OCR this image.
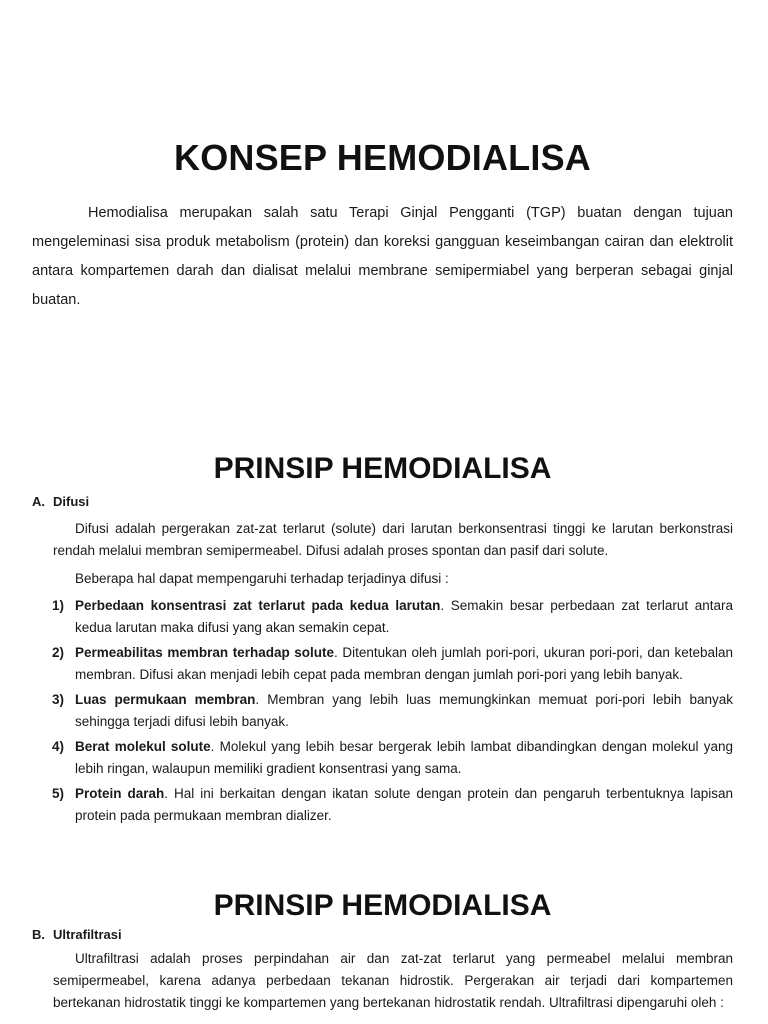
KONSEP HEMODIALISA

Hemodialisa merupakan salah satu Terapi Ginjal Pengganti (TGP) buatan dengan tujuan mengeleminasi sisa produk metabolism (protein) dan koreksi gangguan keseimbangan cairan dan elektrolit antara kompartemen darah dan dialisat melalui membrane semipermiabel yang berperan sebagai ginjal buatan.

PRINSIP HEMODIALISA
A. Difusi

Difusi adalah pergerakan zat-zat terlarut (solute) dari larutan berkonsentrasi tinggi ke larutan berkonstrasi rendah melalui membran semipermeabel. Difusi adalah proses spontan dan pasif dari solute.

Beberapa hal dapat mempengaruhi terhadap terjadinya difusi :

1) Perbedaan konsentrasi zat terlarut pada kedua larutan. Semakin besar perbedaan zat terlarut antara kedua larutan maka difusi yang akan semakin cepat.
2) Permeabilitas membran terhadap solute. Ditentukan oleh jumlah pori-pori, ukuran pori-pori, dan ketebalan membran. Difusi akan menjadi lebih cepat pada membran dengan jumlah pori-pori yang lebih banyak.
3) Luas permukaan membran. Membran yang lebih luas memungkinkan memuat pori-pori lebih banyak sehingga terjadi difusi lebih banyak.
4) Berat molekul solute. Molekul yang lebih besar bergerak lebih lambat dibandingkan dengan molekul yang lebih ringan, walaupun memiliki gradient konsentrasi yang sama.
5) Protein darah. Hal ini berkaitan dengan ikatan solute dengan protein dan pengaruh terbentuknya lapisan protein pada permukaan membran dializer.
PRINSIP HEMODIALISA
B. Ultrafiltrasi

Ultrafiltrasi adalah proses perpindahan air dan zat-zat terlarut yang permeabel melalui membran semipermeabel, karena adanya perbedaan tekanan hidrostik. Pergerakan air terjadi dari kompartemen bertekanan hidrostatik tinggi ke kompartemen yang bertekanan hidrostatik rendah. Ultrafiltrasi dipengaruhi oleh :
